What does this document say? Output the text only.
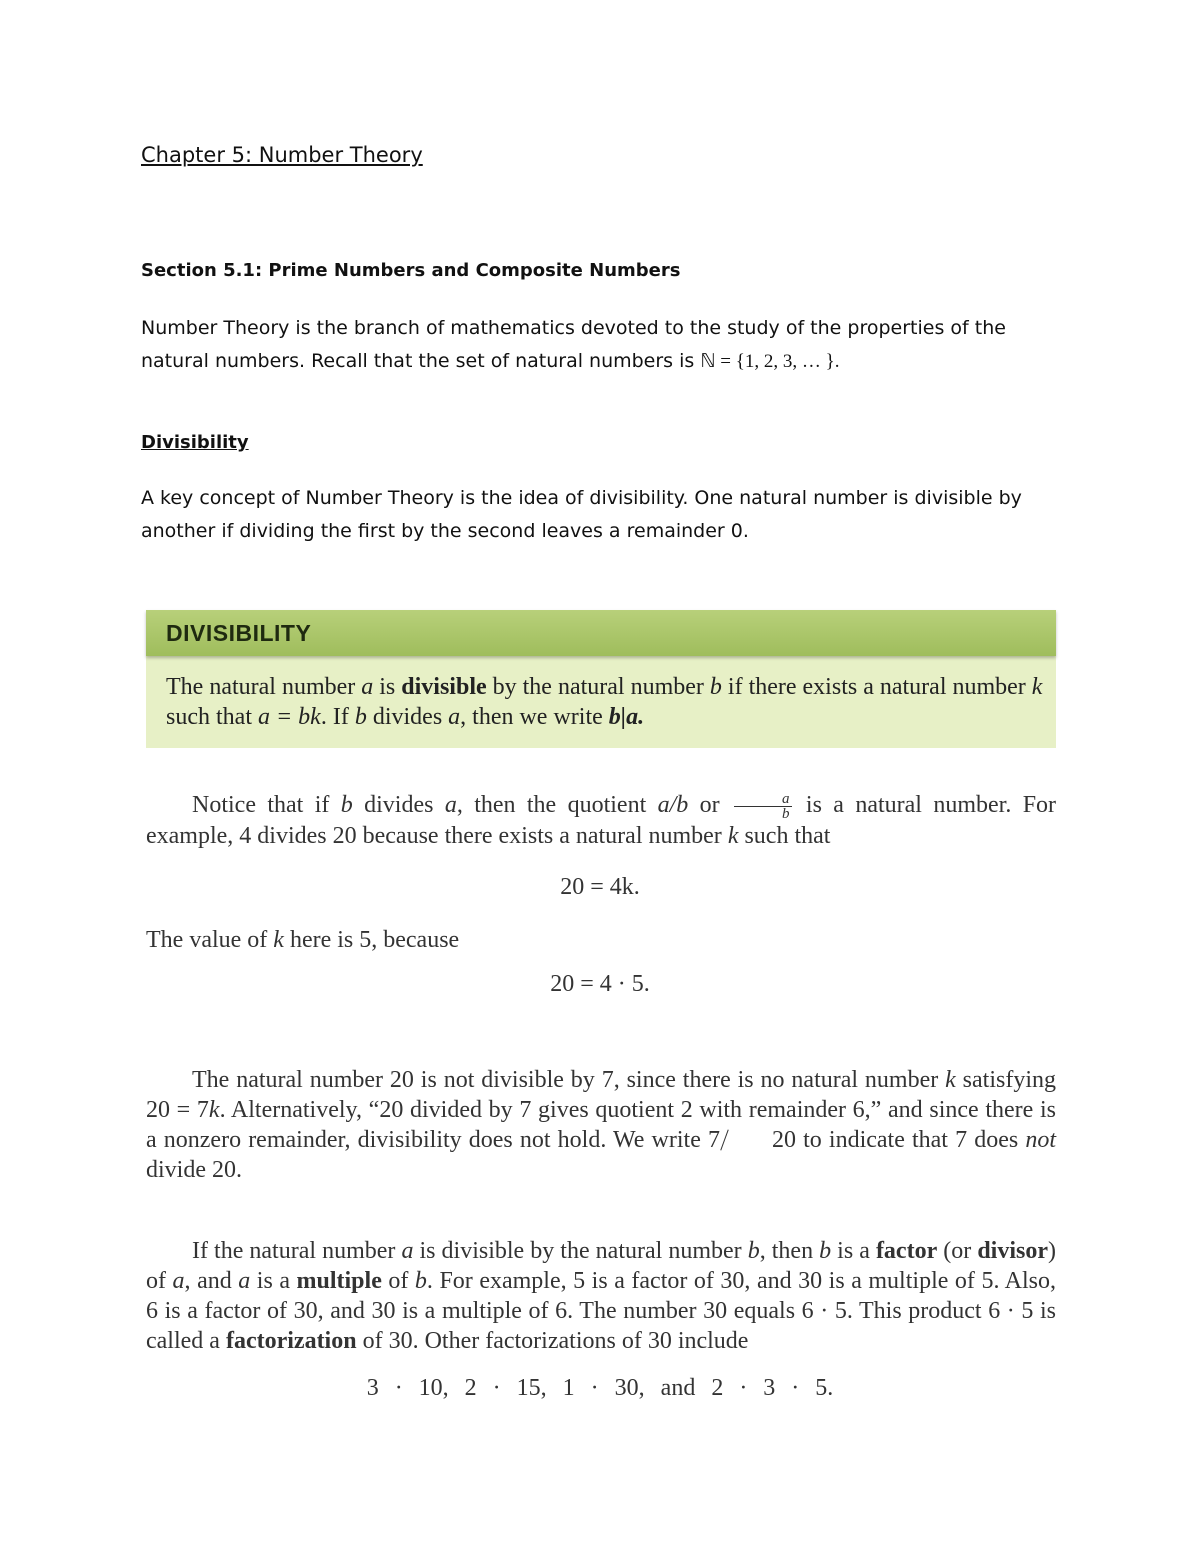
Chapter 5: Number Theory
Section 5.1: Prime Numbers and Composite Numbers
Number Theory is the branch of mathematics devoted to the study of the properties of the natural numbers. Recall that the set of natural numbers is ℕ = {1, 2, 3, … }.
Divisibility
A key concept of Number Theory is the idea of divisibility. One natural number is divisible by another if dividing the first by the second leaves a remainder 0.
DIVISIBILITY
The natural number a is divisible by the natural number b if there exists a natural number k such that a = bk. If b divides a, then we write b|a.
Notice that if b divides a, then the quotient a/b or $\frac{a}{b}$ is a natural number. For example, 4 divides 20 because there exists a natural number k such that
20 = 4k.
The value of k here is 5, because
20 = 4 · 5.
The natural number 20 is not divisible by 7, since there is no natural number k satisfying 20 = 7k. Alternatively, “20 divided by 7 gives quotient 2 with remainder 6,” and since there is a nonzero remainder, divisibility does not hold. We write 7 20 to indicate that 7 does not divide 20.
If the natural number a is divisible by the natural number b, then b is a factor (or divisor) of a, and a is a multiple of b. For example, 5 is a factor of 30, and 30 is a multiple of 5. Also, 6 is a factor of 30, and 30 is a multiple of 6. The number 30 equals 6 · 5. This product 6 · 5 is called a factorization of 30. Other factorizations of 30 include
3 · 10, 2 · 15, 1 · 30, and 2 · 3 · 5.
